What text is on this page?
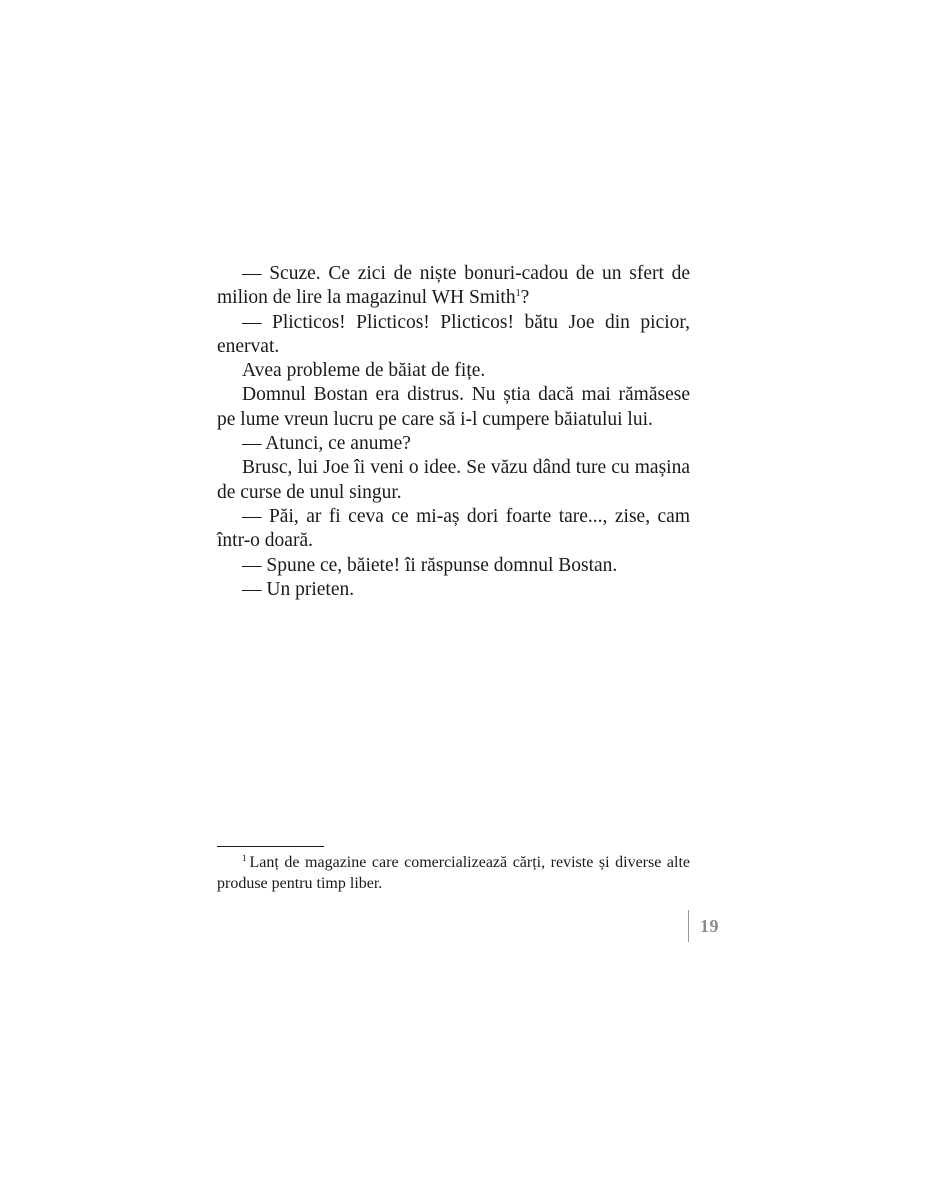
— Scuze. Ce zici de niște bonuri-cadou de un sfert de milion de lire la magazinul WH Smith$^1$?

— Plicticos! Plicticos! Plicticos! bătu Joe din picior, enervat.

Avea probleme de băiat de fițe.

Domnul Bostan era distrus. Nu știa dacă mai rămăsese pe lume vreun lucru pe care să i-l cumpere băiatului lui.

— Atunci, ce anume?

Brusc, lui Joe îi veni o idee. Se văzu dând ture cu mașina de curse de unul singur.

— Păi, ar fi ceva ce mi-aș dori foarte tare..., zise, cam într-o doară.

— Spune ce, băiete! îi răspunse domnul Bostan.

— Un prieten.

$^1$ Lanț de magazine care comercializează cărți, reviste și diverse alte produse pentru timp liber.

19
